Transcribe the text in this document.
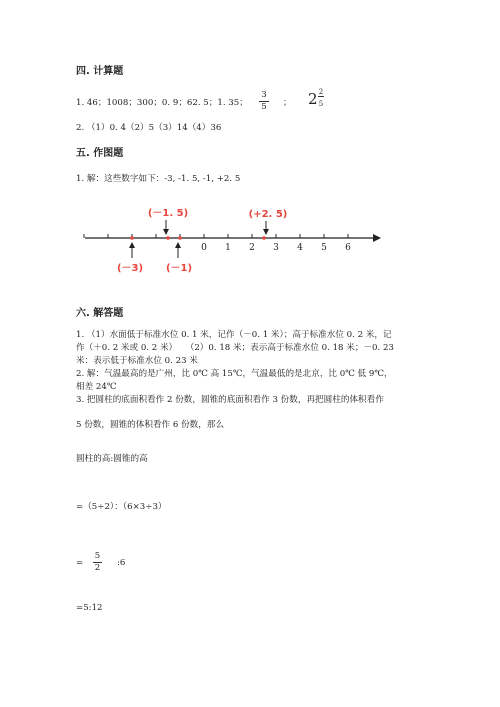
四. 计算题
1. 46；1008；300；0. 9；62. 5；1. 35；
3
5 ； 2 2
5
2. （1）0. 4（2）5（3）14（4）36
五. 作图题
1. 解：这些数字如下：-3, -1. 5, -1, +2. 5
0 1 2 3 4 5 6
(－1. 5)	(+2. 5)
(－3) (－1)
六. 解答题
1. （1）水面低于标准水位 0. 1 米，记作（－0. 1 米）；高于标准水位 0. 2 米，记
作（＋0. 2 米或 0. 2 米）　　（2）0. 18 米；表示高于标准水位 0. 18 米；－0. 23
米：表示低于标准水位 0. 23 米
2. 解：气温最高的是广州，比 0℃ 高 15℃，气温最低的是北京，比 0℃ 低 9℃，
相差 24℃
3. 把圆柱的底面积看作 2 份数，圆锥的底面积看作 3 份数，再把圆柱的体积看作
5 份数，圆锥的体积看作 6 份数，那么
圆柱的高:圆锥的高
=（5÷2）：（6×3÷3）
=
5
2 :6
=5:12
